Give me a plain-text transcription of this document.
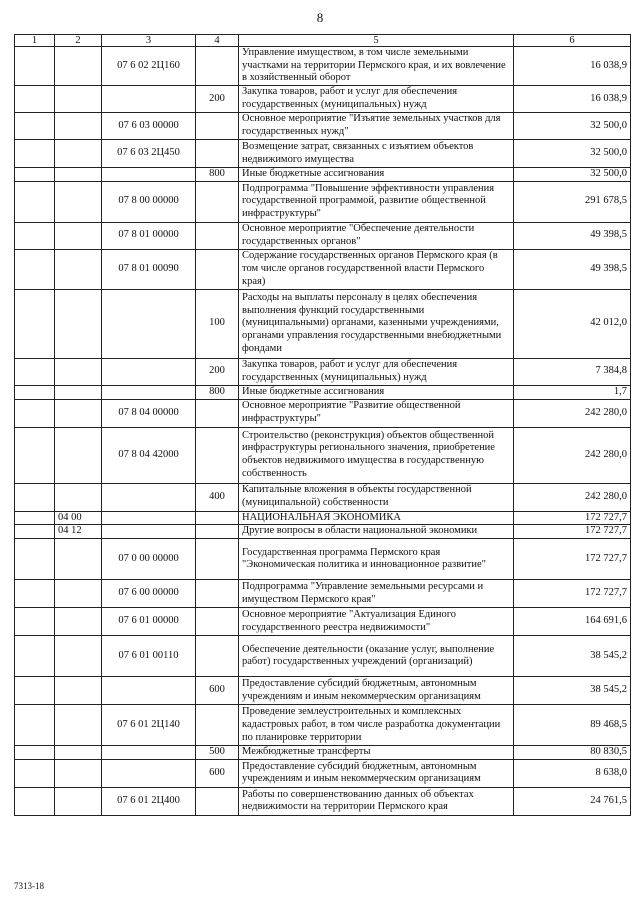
8
1	2	3	4	5	6
		07 6 02 2Ц160		Управление имуществом, в том числе земельными участками на территории Пермского края, и их вовлечение в хозяйственный оборот	16 038,9
			200	Закупка товаров, работ и услуг для обеспечения государственных (муниципальных) нужд	16 038,9
		07 6 03 00000		Основное мероприятие "Изъятие земельных участков для государственных нужд"	32 500,0
		07 6 03 2Ц450		Возмещение затрат, связанных с изъятием объектов недвижимого имущества	32 500,0
			800	Иные бюджетные ассигнования	32 500,0
		07 8 00 00000		Подпрограмма "Повышение эффективности управления государственной программой, развитие общественной инфраструктуры"	291 678,5
		07 8 01 00000		Основное мероприятие "Обеспечение деятельности государственных органов"	49 398,5
		07 8 01 00090		Содержание государственных органов Пермского края (в том числе органов государственной власти Пермского края)	49 398,5
			100	Расходы на выплаты персоналу в целях обеспечения выполнения функций государственными (муниципальными) органами, казенными учреждениями, органами управления государственными внебюджетными фондами	42 012,0
			200	Закупка товаров, работ и услуг для обеспечения государственных (муниципальных) нужд	7 384,8
			800	Иные бюджетные ассигнования	1,7
		07 8 04 00000		Основное мероприятие "Развитие общественной инфраструктуры"	242 280,0
		07 8 04 42000		Строительство (реконструкция) объектов общественной инфраструктуры регионального значения, приобретение объектов недвижимого имущества в государственную собственность	242 280,0
			400	Капитальные вложения в объекты государственной (муниципальной) собственности	242 280,0
	04 00			НАЦИОНАЛЬНАЯ ЭКОНОМИКА	172 727,7
	04 12			Другие вопросы в области национальной экономики	172 727,7
		07 0 00 00000		Государственная программа Пермского края "Экономическая политика и инновационное развитие"	172 727,7
		07 6 00 00000		Подпрограмма "Управление земельными ресурсами и имуществом Пермского края"	172 727,7
		07 6 01 00000		Основное мероприятие "Актуализация Единого государственного реестра недвижимости"	164 691,6
		07 6 01 00110		Обеспечение деятельности (оказание услуг, выполнение работ) государственных учреждений (организаций)	38 545,2
			600	Предоставление субсидий бюджетным, автономным учреждениям и иным некоммерческим организациям	38 545,2
		07 6 01 2Ц140		Проведение землеустроительных и комплексных кадастровых работ, в том числе разработка документации по планировке территории	89 468,5
			500	Межбюджетные трансферты	80 830,5
			600	Предоставление субсидий бюджетным, автономным учреждениям и иным некоммерческим организациям	8 638,0
		07 6 01 2Ц400		Работы по совершенствованию данных об объектах недвижимости на территории Пермского края	24 761,5
7313-18
